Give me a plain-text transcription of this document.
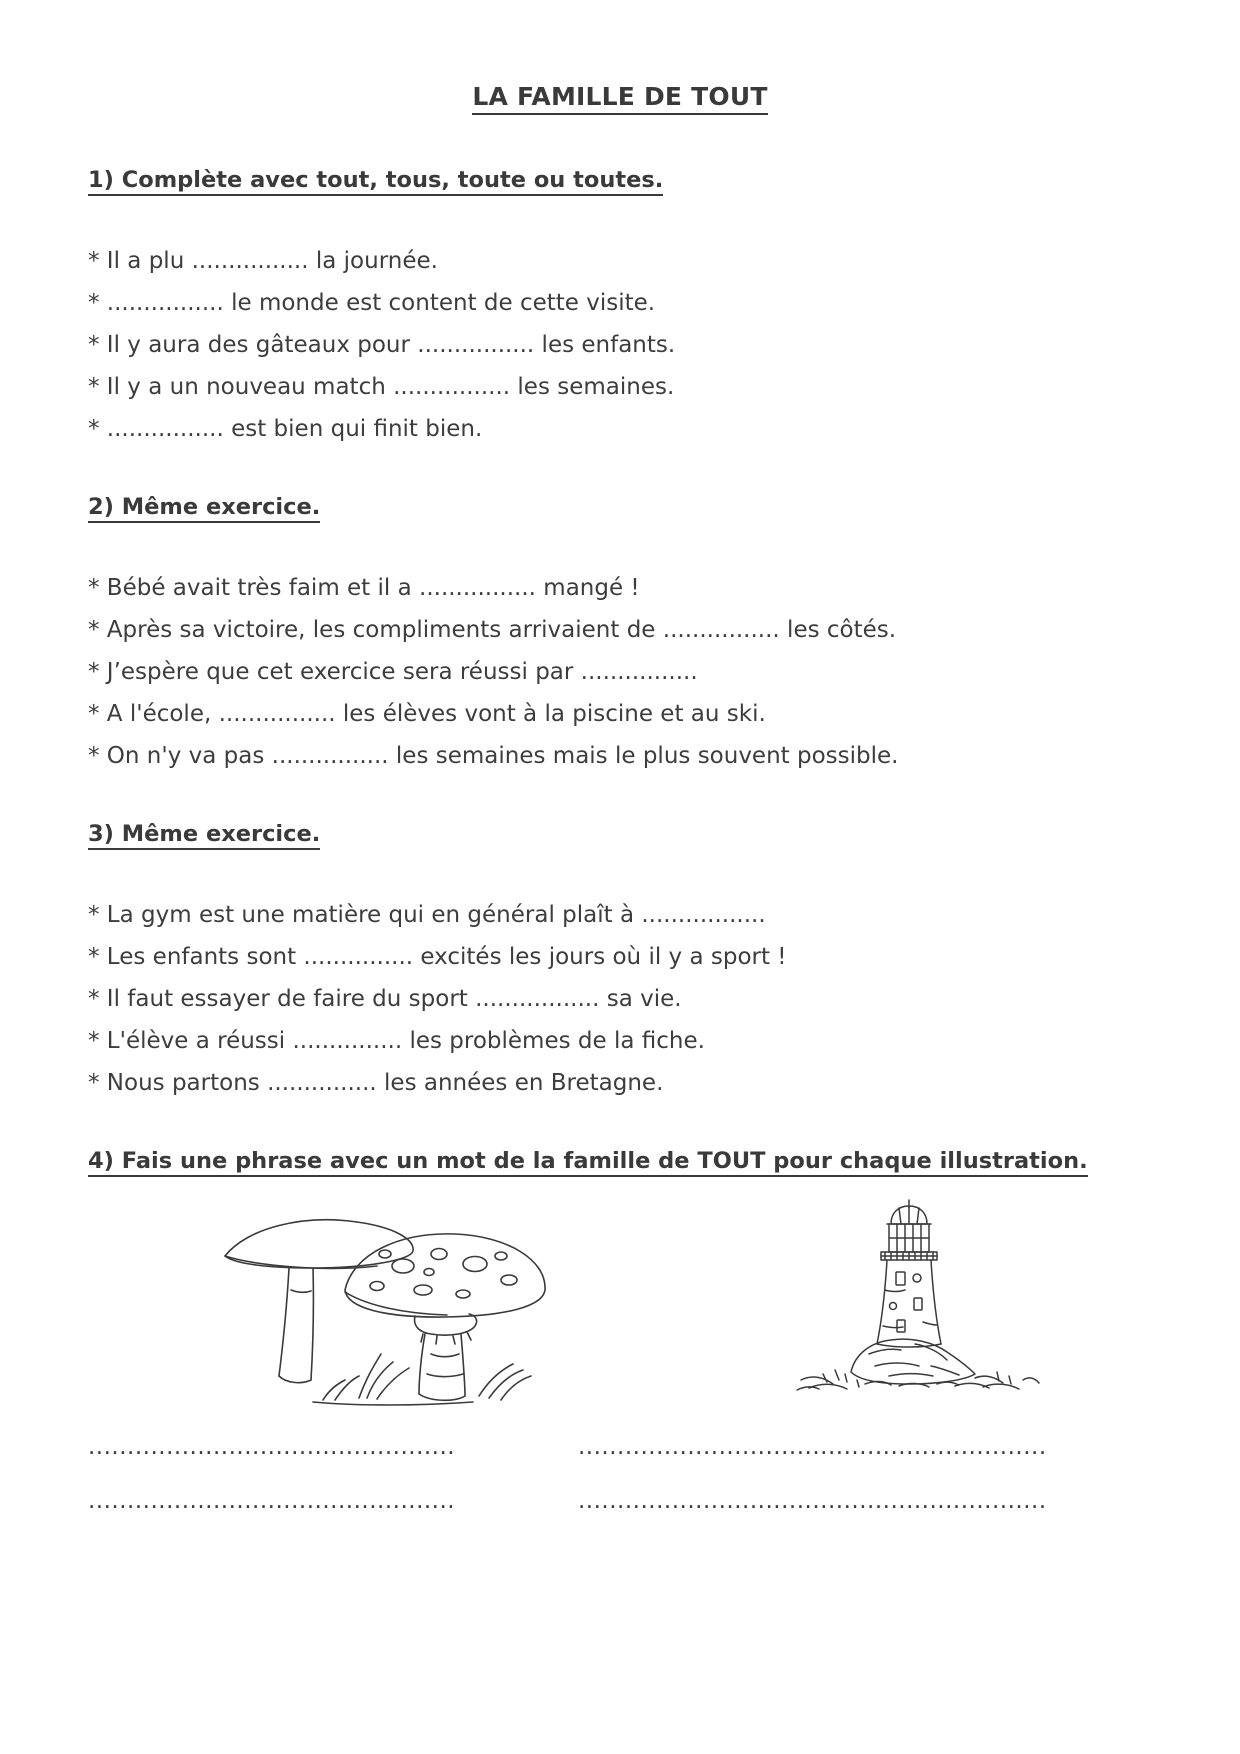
LA FAMILLE DE TOUT
1) Complète avec tout, tous, toute ou toutes.
* Il a plu ................ la journée.
* ................ le monde est content de cette visite.
* Il y aura des gâteaux pour ................ les enfants.
* Il y a un nouveau match ................ les semaines.
* ................ est bien qui finit bien.
2) Même exercice.
* Bébé avait très faim et il a ................ mangé !
* Après sa victoire, les compliments arrivaient de ................ les côtés.
* J’espère que cet exercice sera réussi par ................
* A l'école, ................ les élèves vont à la piscine et au ski.
* On n'y va pas ................ les semaines mais le plus souvent possible.
3) Même exercice.
* La gym est une matière qui en général plaît à .................
* Les enfants sont ............... excités les jours où il y a sport !
* Il faut essayer de faire du sport ................. sa vie.
* L'élève a réussi ............... les problèmes de la fiche.
* Nous partons ............... les années en Bretagne.
4) Fais une phrase avec un mot de la famille de TOUT pour chaque illustration.
...............................................	............................................................
...............................................	............................................................
